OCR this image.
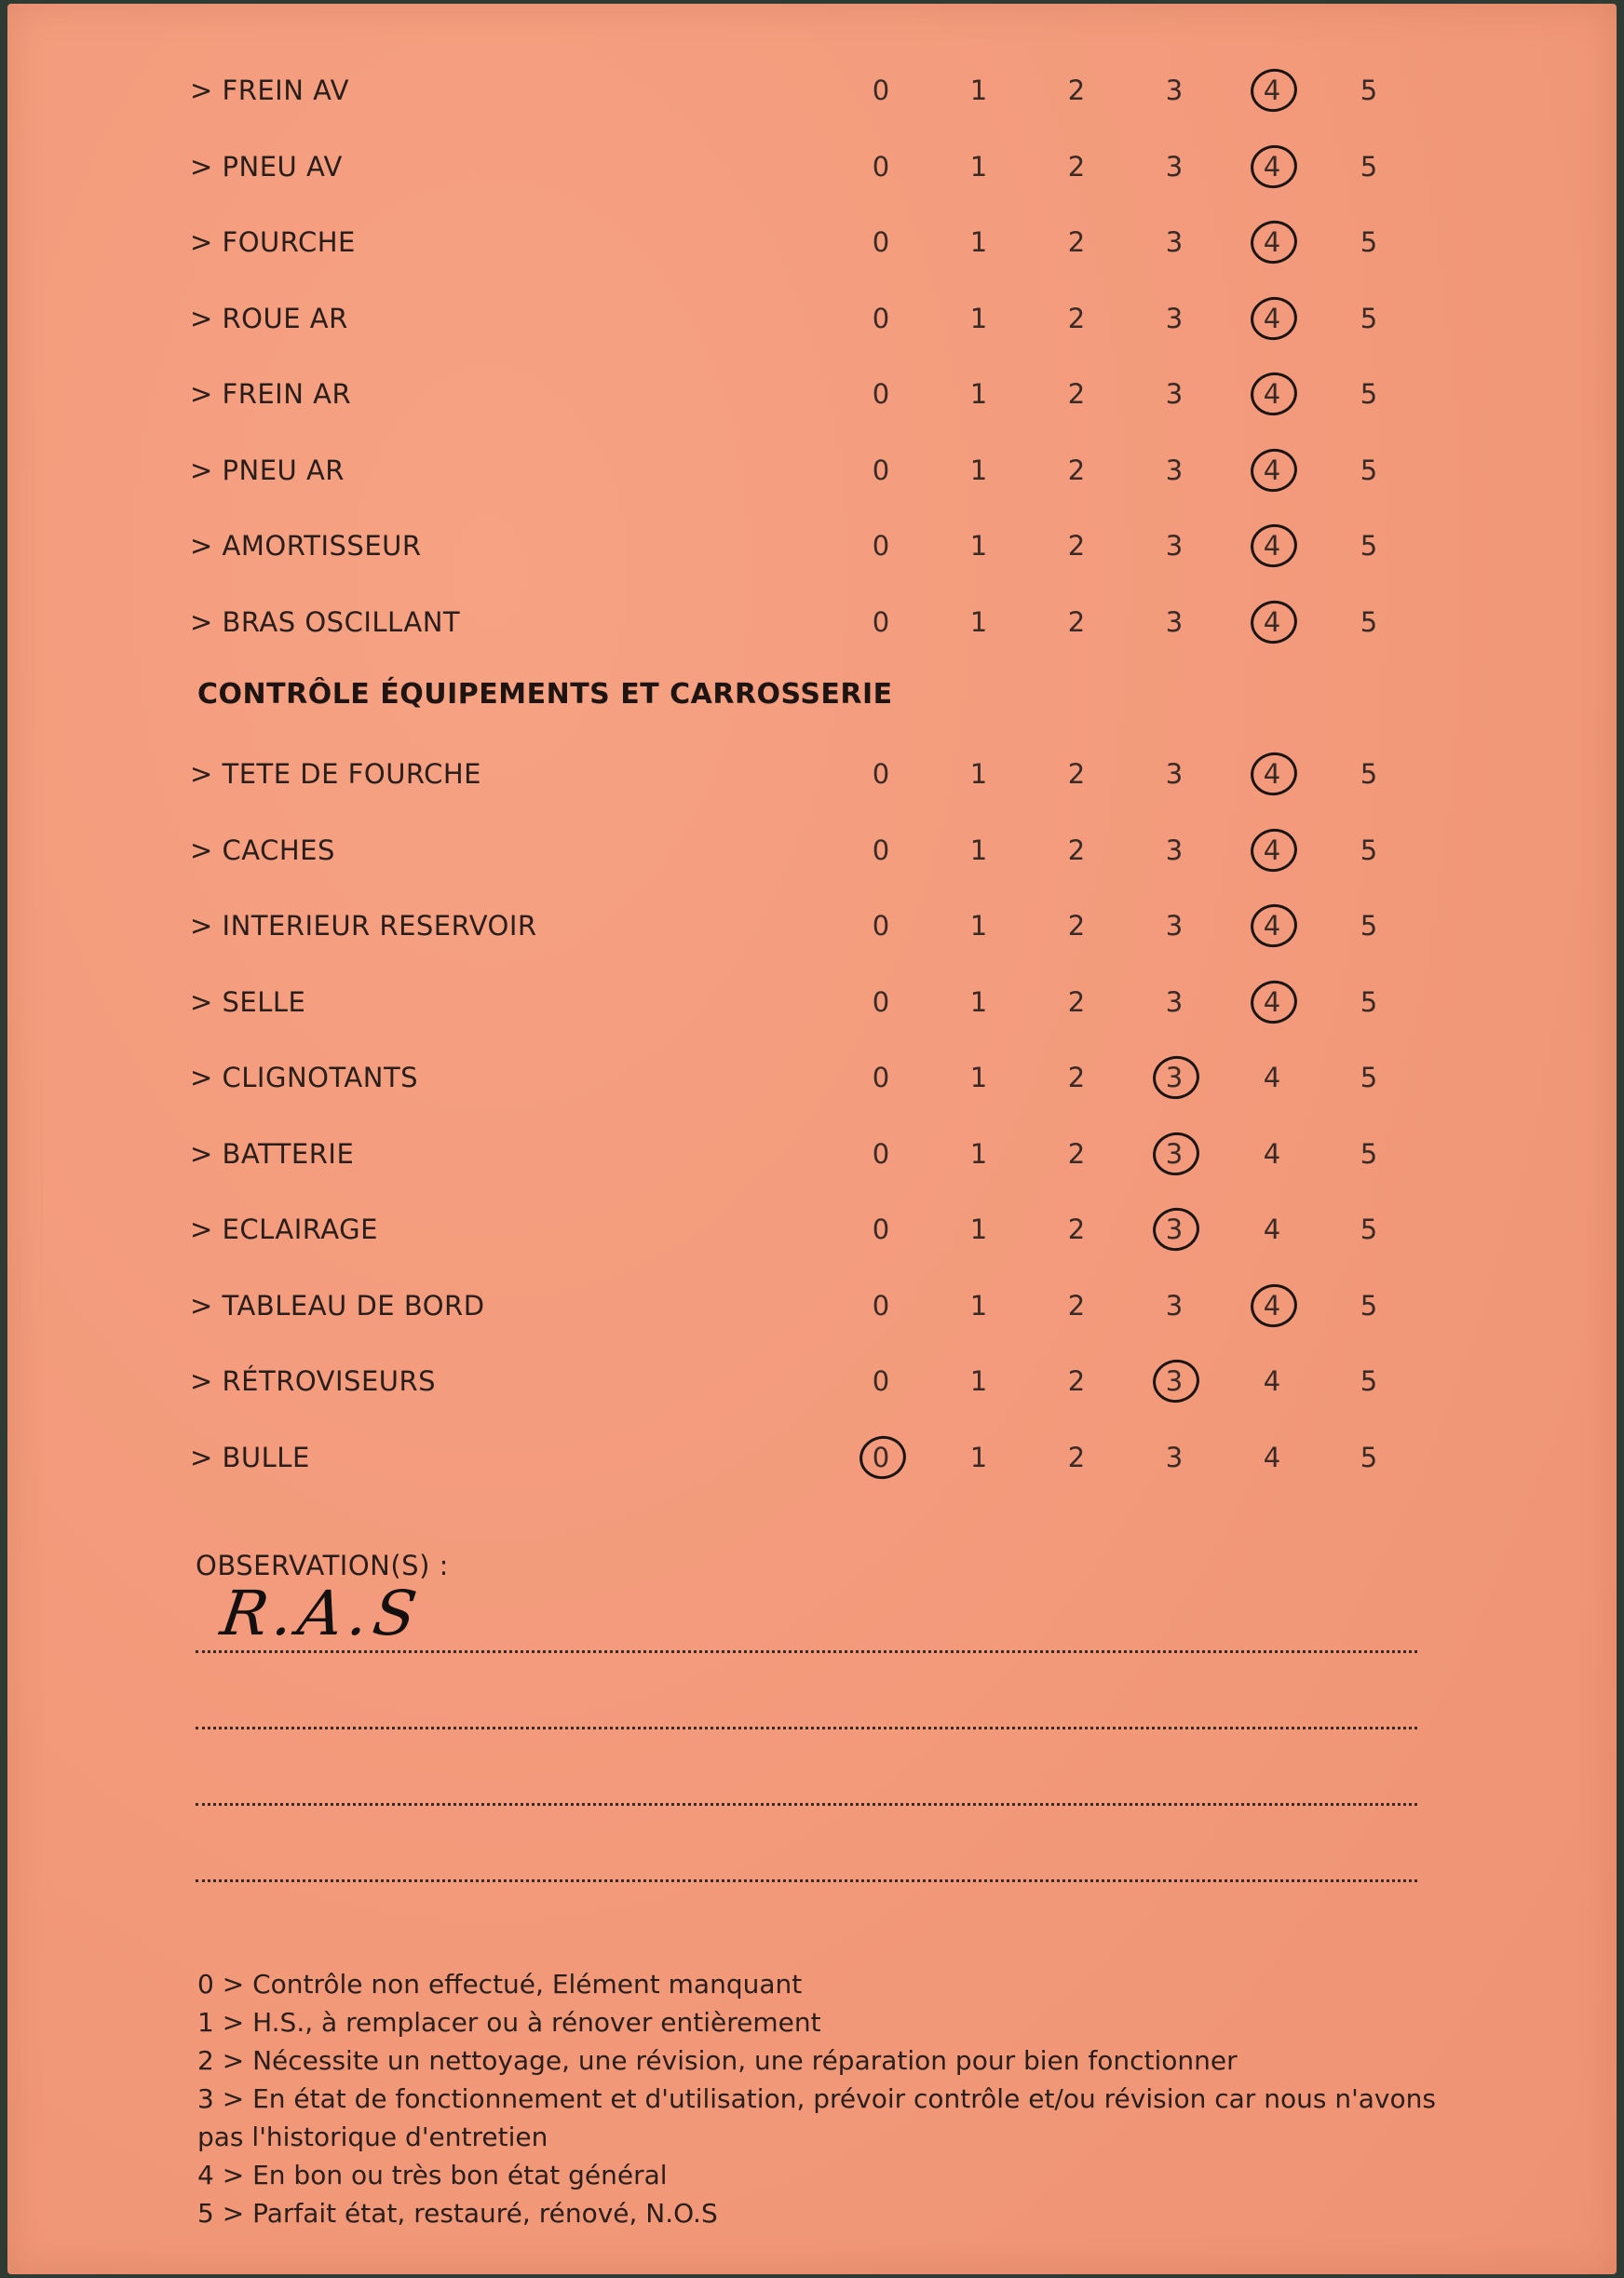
> FREIN AV	0	1	2	3	4	5
> PNEU AV	0	1	2	3	4	5
> FOURCHE	0	1	2	3	4	5
> ROUE AR	0	1	2	3	4	5
> FREIN AR	0	1	2	3	4	5
> PNEU AR	0	1	2	3	4	5
> AMORTISSEUR	0	1	2	3	4	5
> BRAS OSCILLANT	0	1	2	3	4	5
CONTRÔLE ÉQUIPEMENTS ET CARROSSERIE
> TETE DE FOURCHE	0	1	2	3	4	5
> CACHES	0	1	2	3	4	5
> INTERIEUR RESERVOIR	0	1	2	3	4	5
> SELLE	0	1	2	3	4	5
> CLIGNOTANTS	0	1	2	3	4	5
> BATTERIE	0	1	2	3	4	5
> ECLAIRAGE	0	1	2	3	4	5
> TABLEAU DE BORD	0	1	2	3	4	5
> RÉTROVISEURS	0	1	2	3	4	5
> BULLE	0	1	2	3	4	5
OBSERVATION(S) :
R.A.S
0 > Contrôle non effectué, Elément manquant
1 > H.S., à remplacer ou à rénover entièrement
2 > Nécessite un nettoyage, une révision, une réparation pour bien fonctionner
3 > En état de fonctionnement et d'utilisation, prévoir contrôle et/ou révision car nous n'avons pas l'historique d'entretien
4 > En bon ou très bon état général
5 > Parfait état, restauré, rénové, N.O.S
